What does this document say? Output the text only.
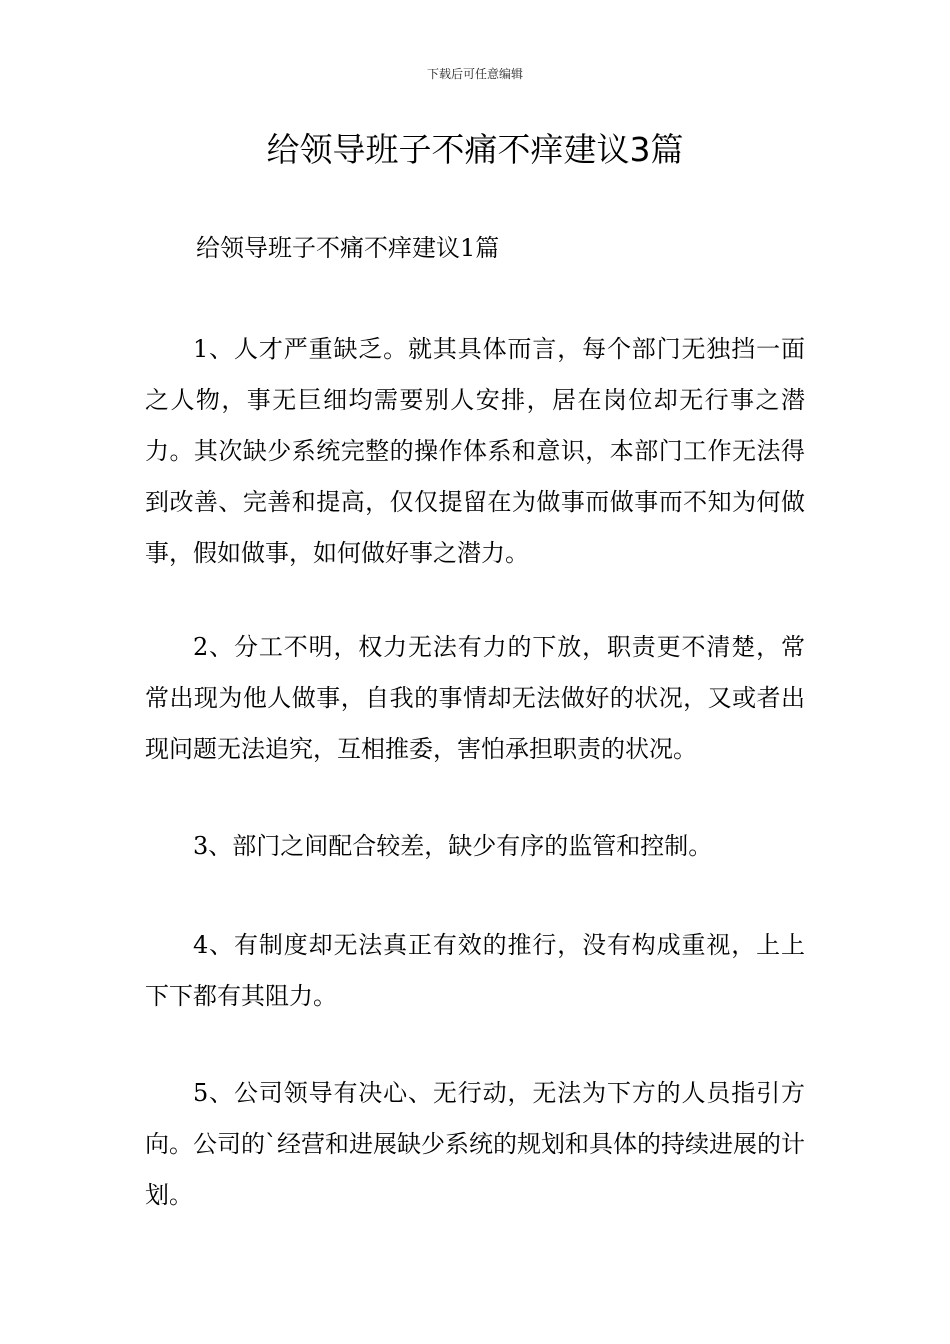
下载后可任意编辑
给领导班子不痛不痒建议3篇
给领导班子不痛不痒建议1篇

1、人才严重缺乏。就其具体而言，每个部门无独挡一面之人物，事无巨细均需要别人安排，居在岗位却无行事之潜力。其次缺少系统完整的操作体系和意识，本部门工作无法得到改善、完善和提高，仅仅提留在为做事而做事而不知为何做事，假如做事，如何做好事之潜力。

2、分工不明，权力无法有力的下放，职责更不清楚，常常出现为他人做事，自我的事情却无法做好的状况，又或者出现问题无法追究，互相推委，害怕承担职责的状况。

3、部门之间配合较差，缺少有序的监管和控制。

4、有制度却无法真正有效的推行，没有构成重视，上上下下都有其阻力。

5、公司领导有决心、无行动，无法为下方的人员指引方向。公司的`经营和进展缺少系统的规划和具体的持续进展的计划。
